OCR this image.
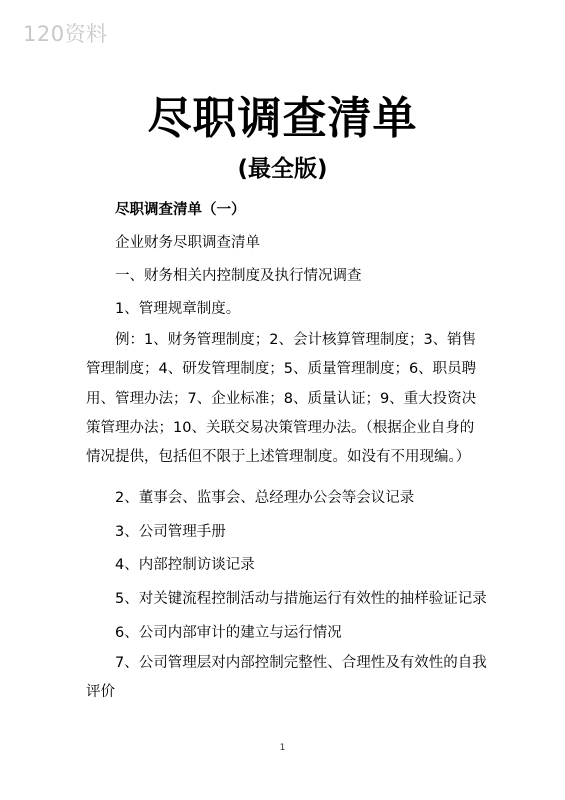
120资料
尽职调查清单
(最全版)
尽职调查清单（一）
企业财务尽职调查清单
一、财务相关内控制度及执行情况调查
1、管理规章制度。
例：1、财务管理制度；2、会计核算管理制度；3、销售
管理制度；4、研发管理制度；5、质量管理制度；6、职员聘
用、管理办法；7、企业标准；8、质量认证；9、重大投资决
策管理办法；10、关联交易决策管理办法。（根据企业自身的
情况提供，包括但不限于上述管理制度。如没有不用现编。）
2、董事会、监事会、总经理办公会等会议记录
3、公司管理手册
4、内部控制访谈记录
5、对关键流程控制活动与措施运行有效性的抽样验证记录
6、公司内部审计的建立与运行情况
7、公司管理层对内部控制完整性、合理性及有效性的自我
评价
1
